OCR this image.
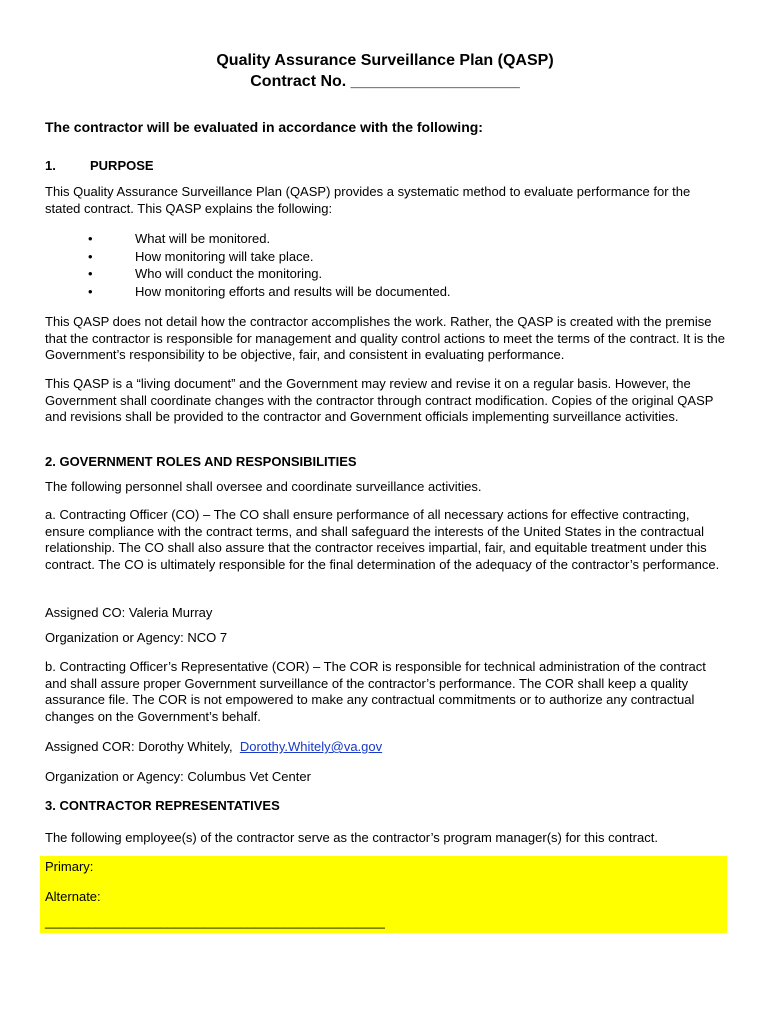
Quality Assurance Surveillance Plan (QASP)
Contract No. ___________________
The contractor will be evaluated in accordance with the following:
1.	PURPOSE
This Quality Assurance Surveillance Plan (QASP) provides a systematic method to evaluate performance for the stated contract. This QASP explains the following:
• What will be monitored.
• How monitoring will take place.
• Who will conduct the monitoring.
• How monitoring efforts and results will be documented.
This QASP does not detail how the contractor accomplishes the work. Rather, the QASP is created with the premise that the contractor is responsible for management and quality control actions to meet the terms of the contract. It is the Government’s responsibility to be objective, fair, and consistent in evaluating performance.
This QASP is a “living document” and the Government may review and revise it on a regular basis. However, the Government shall coordinate changes with the contractor through contract modification. Copies of the original QASP and revisions shall be provided to the contractor and Government officials implementing surveillance activities.
2. GOVERNMENT ROLES AND RESPONSIBILITIES
The following personnel shall oversee and coordinate surveillance activities.
a. Contracting Officer (CO) – The CO shall ensure performance of all necessary actions for effective contracting, ensure compliance with the contract terms, and shall safeguard the interests of the United States in the contractual relationship. The CO shall also assure that the contractor receives impartial, fair, and equitable treatment under this contract. The CO is ultimately responsible for the final determination of the adequacy of the contractor’s performance.
Assigned CO: Valeria Murray
Organization or Agency: NCO 7
b. Contracting Officer’s Representative (COR) – The COR is responsible for technical administration of the contract and shall assure proper Government surveillance of the contractor’s performance. The COR shall keep a quality assurance file. The COR is not empowered to make any contractual commitments or to authorize any contractual changes on the Government’s behalf.
Assigned COR: Dorothy Whitely, Dorothy.Whitely@va.gov
Organization or Agency: Columbus Vet Center
3. CONTRACTOR REPRESENTATIVES
The following employee(s) of the contractor serve as the contractor’s program manager(s) for this contract.
Primary:
Alternate:
_______________________________________________
